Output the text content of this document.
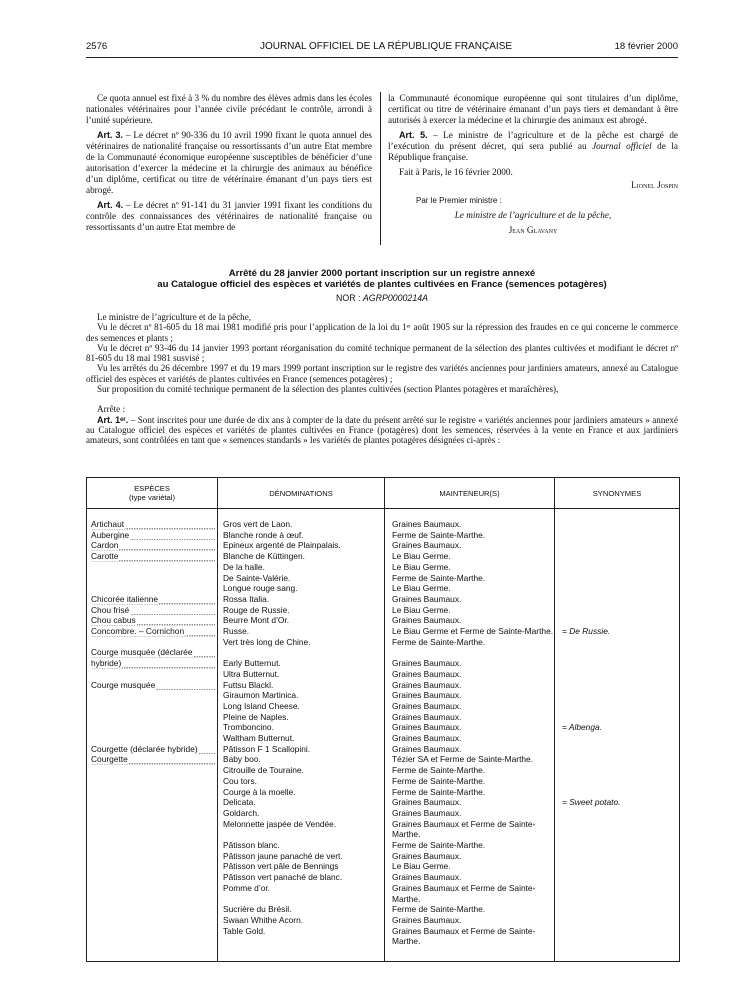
2576	JOURNAL OFFICIEL DE LA RÉPUBLIQUE FRANÇAISE	18 février 2000

Ce quota annuel est fixé à 3 % du nombre des élèves admis dans les écoles nationales vétérinaires pour l’année civile précédant le contrôle, arrondi à l’unité supérieure.

Art. 3. – Le décret nº 90-336 du 10 avril 1990 fixant le quota annuel des vétérinaires de nationalité française ou ressortissants d’un autre Etat membre de la Communauté économique européenne susceptibles de bénéficier d’une autorisation d’exercer la médecine et la chirurgie des animaux au bénéfice d’un diplôme, certificat ou titre de vétérinaire émanant d’un pays tiers est abrogé.

Art. 4. – Le décret nº 91-141 du 31 janvier 1991 fixant les conditions du contrôle des connaissances des vétérinaires de nationalité française ou ressortissants d’un autre Etat membre de

la Communauté économique européenne qui sont titulaires d’un diplôme, certificat ou titre de vétérinaire émanant d’un pays tiers et demandant à être autorisés à exercer la médecine et la chirurgie des animaux est abrogé.

Art. 5. – Le ministre de l’agriculture et de la pêche est chargé de l’exécution du présent décret, qui sera publié au Journal officiel de la République française.

Fait à Paris, le 16 février 2000.

Lionel Jospin

Par le Premier ministre :

Le ministre de l’agriculture et de la pêche,

Jean Glavany

Arrêté du 28 janvier 2000 portant inscription sur un registre annexé
au Catalogue officiel des espèces et variétés de plantes cultivées en France (semences potagères)
NOR : AGRP0000214A

Le ministre de l’agriculture et de la pêche,

Vu le décret nº 81-605 du 18 mai 1981 modifié pris pour l’application de la loi du 1ᵉʳ août 1905 sur la répression des fraudes en ce qui concerne le commerce des semences et plants ;

Vu le décret nº 93-46 du 14 janvier 1993 portant réorganisation du comité technique permanent de la sélection des plantes cultivées et modifiant le décret nº 81-605 du 18 mai 1981 susvisé ;

Vu les arrêtés du 26 décembre 1997 et du 19 mars 1999 portant inscription sur le registre des variétés anciennes pour jardiniers amateurs, annexé au Catalogue officiel des espèces et variétés de plantes cultivées en France (semences potagères) ;

Sur proposition du comité technique permanent de la sélection des plantes cultivées (section Plantes potagères et maraîchères),

Arrête :

Art. 1ᵉʳ. – Sont inscrites pour une durée de dix ans à compter de la date du présent arrêté sur le registre « variétés anciennes pour jardiniers amateurs » annexé au Catalogue officiel des espèces et variétés de plantes cultivées en France (potagères) dont les semences, réservées à la vente en France et aux jardiniers amateurs, sont contrôlées en tant que « semences standards » les variétés de plantes potagères désignées ci-après :

ESPÈCES
(type variétal)	DÉNOMINATIONS	MAINTENEUR(S)	SYNONYMES
Artichaut	Gros vert de Laon.	Graines Baumaux.
Aubergine	Blanche ronde à œuf.	Ferme de Sainte-Marthe.
Cardon	Epineux argenté de Plainpalais.	Graines Baumaux.
Carotte	Blanche de Küttingen.	Le Biau Germe.
De la halle.	Le Biau Germe.
De Sainte-Valérie.	Ferme de Sainte-Marthe.
Longue rouge sang.	Le Biau Germe.
Chicorée italienne	Rossa Italia.	Graines Baumaux.
Chou frisé	Rouge de Russie.	Le Biau Germe.
Chou cabus	Beurre Mont d’Or.	Graines Baumaux.
Concombre. – Cornichon	Russe.	Le Biau Germe et Ferme de Sainte-Marthe. = De Russie.
Vert très long de Chine.	Ferme de Sainte-Marthe.
Courge musquée (déclarée
hybride)	Early Butternut.	Graines Baumaux.
Ultra Butternut.	Graines Baumaux.
Courge musquée	Futtsu Blackl.	Graines Baumaux.
Giraumon Martinica.	Graines Baumaux.
Long Island Cheese.	Graines Baumaux.
Pleine de Naples.	Graines Baumaux.
Tromboncino.	Graines Baumaux.	= Albenga.
Waltham Butternut.	Graines Baumaux.
Courgette (déclarée hybride)	Pâtisson F 1 Scallopini.	Graines Baumaux.
Courgette	Baby boo.	Tézier SA et Ferme de Sainte-Marthe.
Citrouille de Touraine.	Ferme de Sainte-Marthe.
Cou tors.	Ferme de Sainte-Marthe.
Courge à la moelle.	Ferme de Sainte-Marthe.
Delicata.	Graines Baumaux.	= Sweet potato.
Goldarch.	Graines Baumaux.
Melonnette jaspée de Vendée.	Graines Baumaux et Ferme de Sainte-
Marthe.
Pâtisson blanc.	Ferme de Sainte-Marthe.
Pâtisson jaune panaché de vert.	Graines Baumaux.
Pâtisson vert pâle de Bennings	Le Biau Germe.
Pâtisson vert panaché de blanc.	Graines Baumaux.
Pomme d’or.	Graines Baumaux et Ferme de Sainte-
Marthe.
Sucrière du Brésil.	Ferme de Sainte-Marthe.
Swaan Whithe Acorn.	Graines Baumaux.
Table Gold.	Graines Baumaux et Ferme de Sainte-
Marthe.
